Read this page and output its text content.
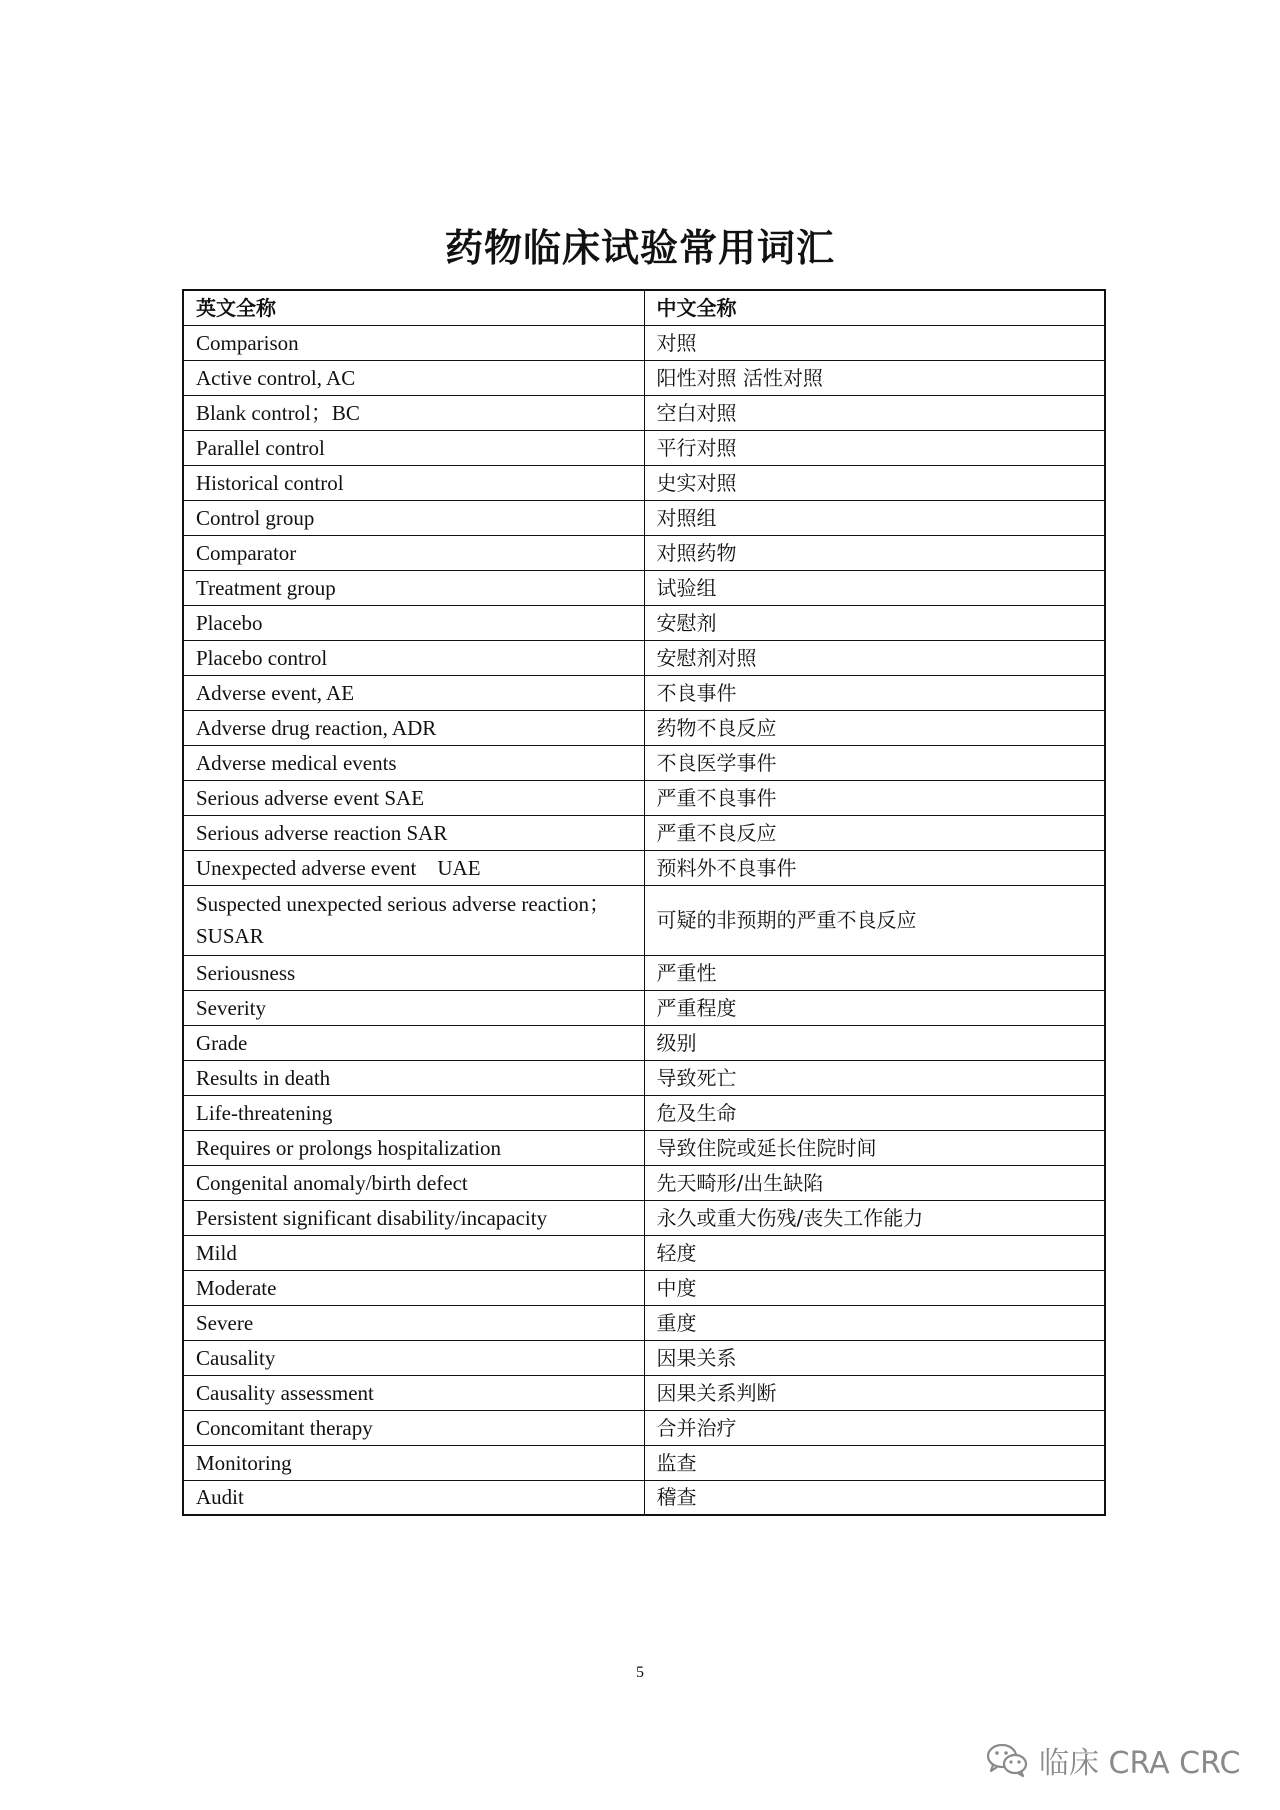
药物临床试验常用词汇
英文全称	中文全称
Comparison	对照
Active control, AC	阳性对照 活性对照
Blank control；BC	空白对照
Parallel control	平行对照
Historical control	史实对照
Control group	对照组
Comparator	对照药物
Treatment group	试验组
Placebo	安慰剂
Placebo control	安慰剂对照
Adverse event, AE	不良事件
Adverse drug reaction, ADR	药物不良反应
Adverse medical events	不良医学事件
Serious adverse event SAE	严重不良事件
Serious adverse reaction SAR	严重不良反应
Unexpected adverse event    UAE	预料外不良事件
Suspected unexpected serious adverse reaction；SUSAR	可疑的非预期的严重不良反应
Seriousness	严重性
Severity	严重程度
Grade	级别
Results in death	导致死亡
Life-threatening	危及生命
Requires or prolongs hospitalization	导致住院或延长住院时间
Congenital anomaly/birth defect	先天畸形/出生缺陷
Persistent significant disability/incapacity	永久或重大伤残/丧失工作能力
Mild	轻度
Moderate	中度
Severe	重度
Causality	因果关系
Causality assessment	因果关系判断
Concomitant therapy	合并治疗
Monitoring	监查
Audit	稽查
5
临床 CRA CRC
